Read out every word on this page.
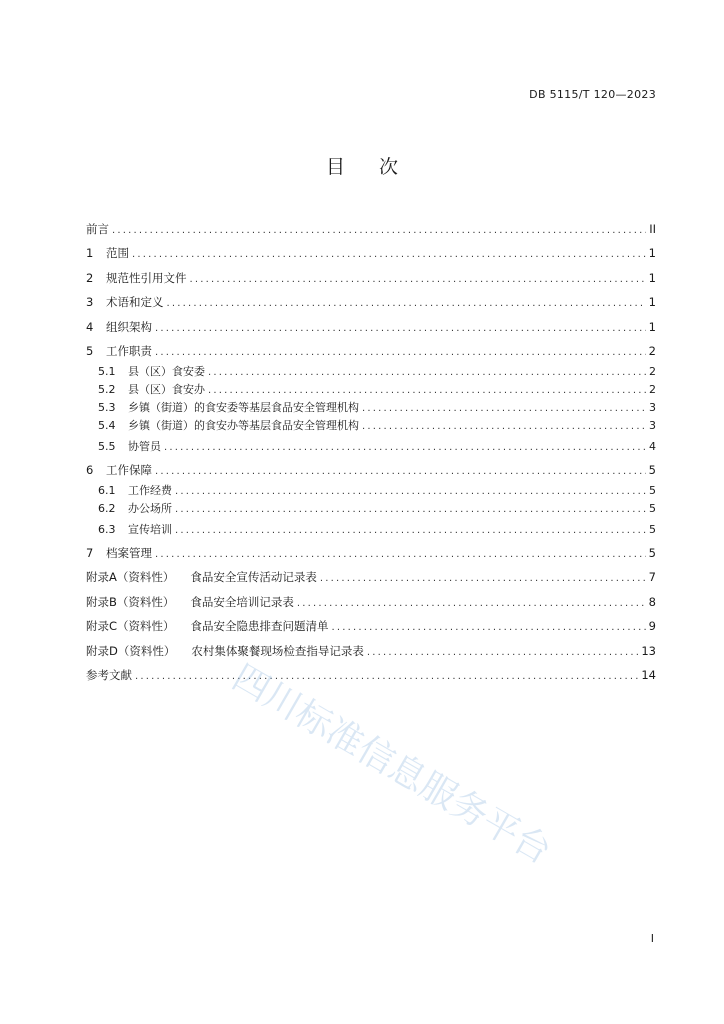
DB 5115/T 120—2023
目 次
前言 .....	II
1 范围 .....	1
2 规范性引用文件 .....	1
3 术语和定义 .....	1
4 组织架构 .....	1
5 工作职责 .....	2
5.1 县（区）食安委 .....	2
5.2 县（区）食安办 .....	2
5.3 乡镇（街道）的食安委等基层食品安全管理机构 .....	3
5.4 乡镇（街道）的食安办等基层食品安全管理机构 .....	3
5.5 协管员 .....	4
6 工作保障 .....	5
6.1 工作经费 .....	5
6.2 办公场所 .....	5
6.3 宣传培训 .....	5
7 档案管理 .....	5
附录A（资料性） 食品安全宣传活动记录表 .....	7
附录B（资料性） 食品安全培训记录表 .....	8
附录C（资料性） 食品安全隐患排查问题清单 .....	9
附录D（资料性） 农村集体聚餐现场检查指导记录表 .....	13
参考文献 .....	14
四川标准信息服务平台
I
